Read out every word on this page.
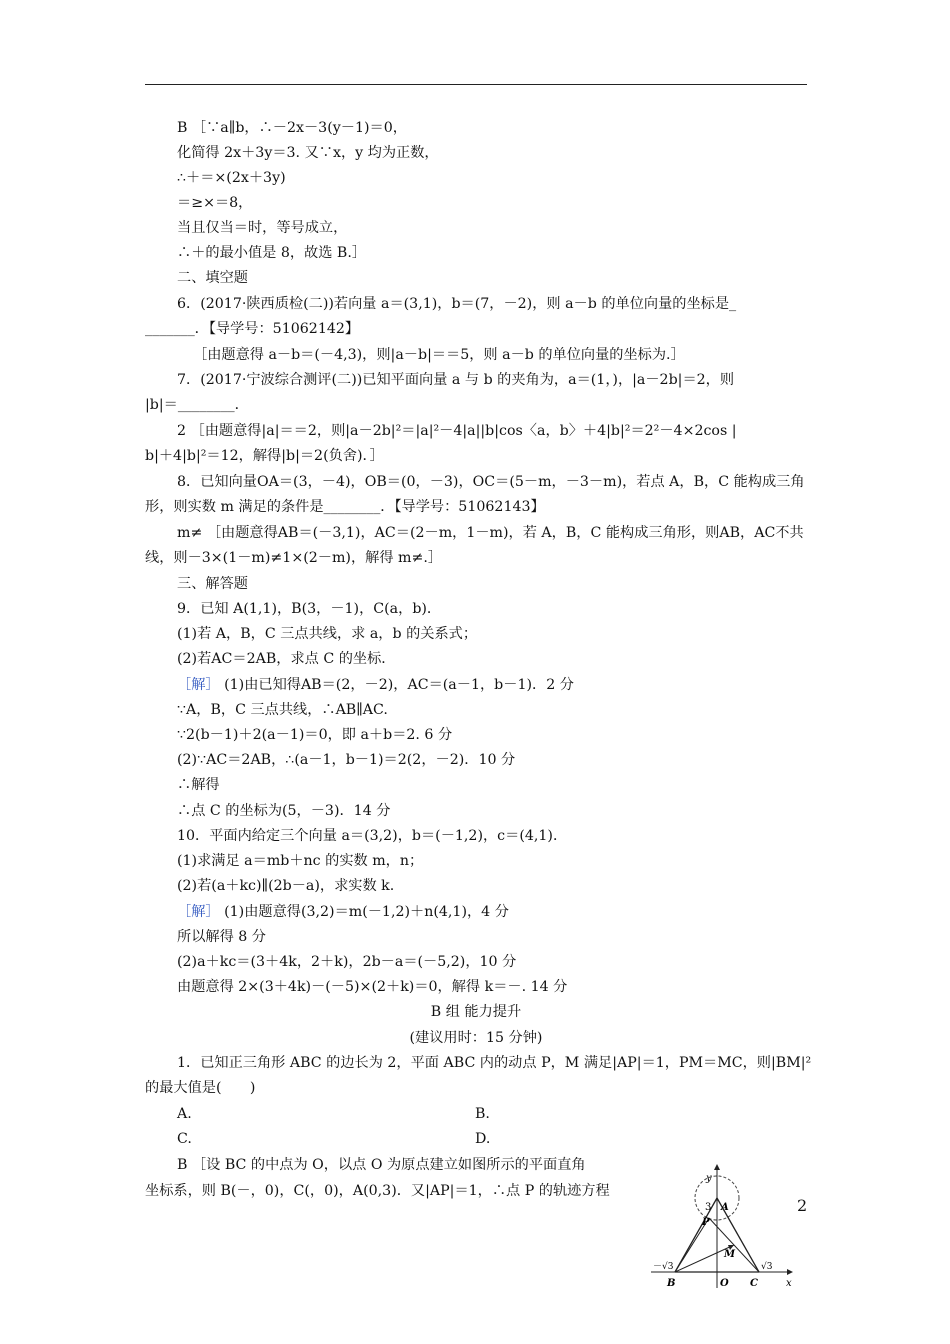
B ［∵a∥b，∴－2x－3(y－1)＝0，
化简得 2x＋3y＝3. 又∵x，y 均为正数，
∴＋＝×(2x＋3y)
＝≥×＝8，
当且仅当＝时，等号成立，
∴＋的最小值是 8，故选 B.］
二、填空题
6．(2017·陕西质检(二))若向量 a＝(3,1)，b＝(7，－2)，则 a－b 的单位向量的坐标是_
_______．【导学号：51062142】
［由题意得 a－b＝(－4,3)，则|a－b|＝＝5，则 a－b 的单位向量的坐标为.］
7．(2017·宁波综合测评(二))已知平面向量 a 与 b 的夹角为，a＝(1，)，|a－2b|＝2，则
|b|＝________．
2 ［由题意得|a|＝＝2，则|a－2b|²＝|a|²－4|a||b|cos〈a，b〉＋4|b|²＝2²－4×2cos |
b|＋4|b|²＝12，解得|b|＝2(负舍)．］
8．已知向量OA＝(3，－4)，OB＝(0，－3)，OC＝(5－m，－3－m)，若点 A，B，C 能构成三角
形，则实数 m 满足的条件是________．【导学号：51062143】
m≠ ［由题意得AB＝(－3,1)，AC＝(2－m，1－m)，若 A，B，C 能构成三角形，则AB，AC不共
线，则－3×(1－m)≠1×(2－m)，解得 m≠.］
三、解答题
9．已知 A(1,1)，B(3，－1)，C(a，b)．
(1)若 A，B，C 三点共线，求 a，b 的关系式；
(2)若AC＝2AB，求点 C 的坐标．
［解］ (1)由已知得AB＝(2，－2)，AC＝(a－1，b－1)．2 分
∵A，B，C 三点共线，∴AB∥AC.
∵2(b－1)＋2(a－1)＝0，即 a＋b＝2. 6 分
(2)∵AC＝2AB，∴(a－1，b－1)＝2(2，－2)．10 分
∴解得
∴点 C 的坐标为(5，－3)．14 分
10．平面内给定三个向量 a＝(3,2)，b＝(－1,2)，c＝(4,1)．
(1)求满足 a＝mb＋nc 的实数 m，n；
(2)若(a＋kc)∥(2b－a)，求实数 k.
［解］ (1)由题意得(3,2)＝m(－1,2)＋n(4,1)，4 分
所以解得 8 分
(2)a＋kc＝(3＋4k，2＋k)，2b－a＝(－5,2)，10 分
由题意得 2×(3＋4k)－(－5)×(2＋k)＝0，解得 k＝－. 14 分
B 组 能力提升
(建议用时：15 分钟)
1．已知正三角形 ABC 的边长为 2，平面 ABC 内的动点 P，M 满足|AP|＝1，PM＝MC，则|BM|²
的最大值是(　　)
A.	B.
C.	D.
B ［设 BC 的中点为 O，以点 O 为原点建立如图所示的平面直角
坐标系，则 B(－，0)，C(，0)，A(0,3)．又|AP|＝1，∴点 P 的轨迹方程
y
x
3 A
P
M
B	O C
－√3	√3
2
